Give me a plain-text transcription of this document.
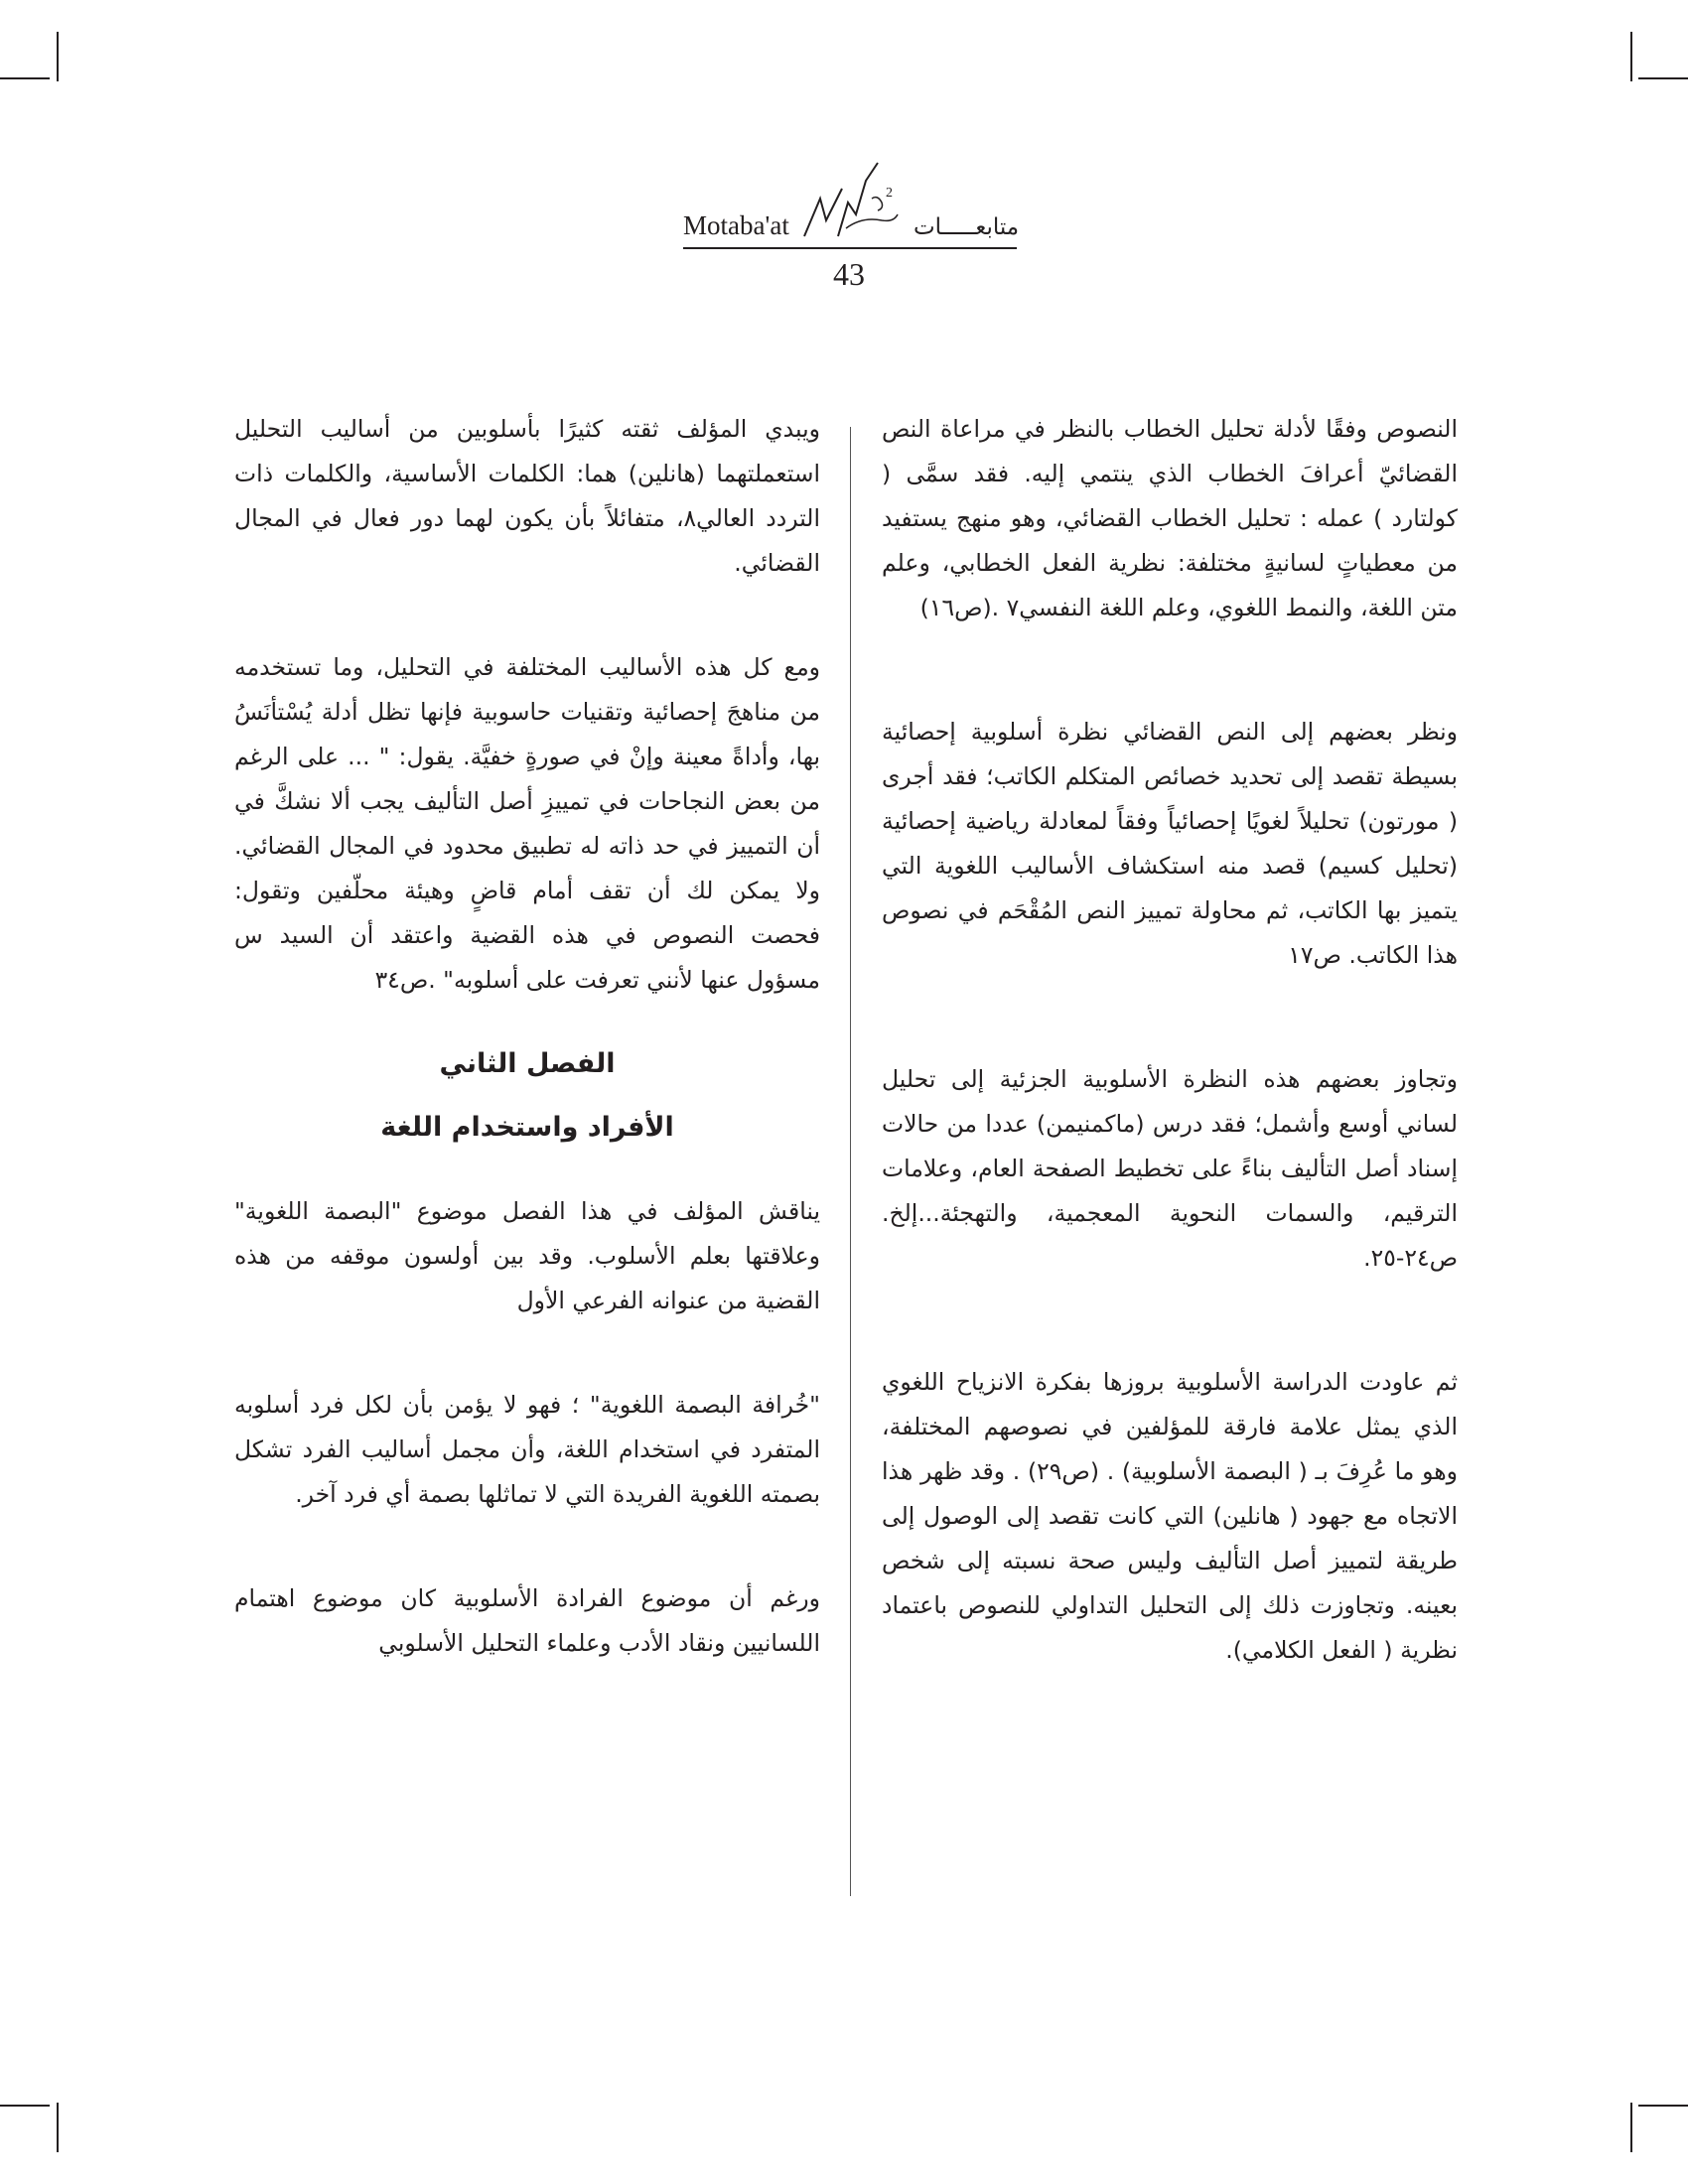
2
Motaba'at	متابعـــــات
43

النصوص وفقًا لأدلة تحليل الخطاب بالنظر في مراعاة النص القضائيّ أعرافَ الخطاب الذي ينتمي إليه. فقد سمَّى ( كولتارد ) عمله : تحليل الخطاب القضائي، وهو منهج يستفيد من معطياتٍ لسانيةٍ مختلفة: نظرية الفعل الخطابي، وعلم متن اللغة، والنمط اللغوي، وعلم اللغة النفسي٧ .(ص١٦)

ونظر بعضهم إلى النص القضائي نظرة أسلوبية إحصائية بسيطة تقصد إلى تحديد خصائص المتكلم الكاتب؛ فقد أجرى ( مورتون) تحليلاً لغويًا إحصائياً وفقاً لمعادلة رياضية إحصائية (تحليل كسيم) قصد منه استكشاف الأساليب اللغوية التي يتميز بها الكاتب، ثم محاولة تمييز النص المُقْحَم في نصوص هذا الكاتب. ص١٧

وتجاوز بعضهم هذه النظرة الأسلوبية الجزئية إلى تحليل لساني أوسع وأشمل؛ فقد درس (ماكمنيمن) عددا من حالات إسناد أصل التأليف بناءً على تخطيط الصفحة العام، وعلامات الترقيم، والسمات النحوية المعجمية، والتهجئة...إلخ. ص٢٤-٢٥.

ثم عاودت الدراسة الأسلوبية بروزها بفكرة الانزياح اللغوي الذي يمثل علامة فارقة للمؤلفين في نصوصهم المختلفة، وهو ما عُرِفَ بـ ( البصمة الأسلوبية) . (ص٢٩) . وقد ظهر هذا الاتجاه مع جهود ( هانلين) التي كانت تقصد إلى الوصول إلى طريقة لتمييز أصل التأليف وليس صحة نسبته إلى شخص بعينه. وتجاوزت ذلك إلى التحليل التداولي للنصوص باعتماد نظرية ( الفعل الكلامي).

ويبدي المؤلف ثقته كثيرًا بأسلوبين من أساليب التحليل استعملتهما (هانلين) هما: الكلمات الأساسية، والكلمات ذات التردد العالي٨، متفائلاً بأن يكون لهما دور فعال في المجال القضائي.

ومع كل هذه الأساليب المختلفة في التحليل، وما تستخدمه من مناهجَ إحصائية وتقنيات حاسوبية فإنها تظل أدلة يُسْتأنَسُ بها، وأداةً معينة وإنْ في صورةٍ خفيَّة. يقول: " ... على الرغم من بعض النجاحات في تمييزِ أصل التأليف يجب ألا نشكَّ في أن التمييز في حد ذاته له تطبيق محدود في المجال القضائي. ولا يمكن لك أن تقف أمام قاضٍ وهيئة محلّفين وتقول: فحصت النصوص في هذه القضية واعتقد أن السيد س مسؤول عنها لأنني تعرفت على أسلوبه" .ص٣٤

الفصل الثاني

الأفراد واستخدام اللغة

يناقش المؤلف في هذا الفصل موضوع "البصمة اللغوية" وعلاقتها بعلم الأسلوب. وقد بين أولسون موقفه من هذه القضية من عنوانه الفرعي الأول

"خُرافة البصمة اللغوية" ؛ فهو لا يؤمن بأن لكل فرد أسلوبه المتفرد في استخدام اللغة، وأن مجمل أساليب الفرد تشكل بصمته اللغوية الفريدة التي لا تماثلها بصمة أي فرد آخر.

ورغم أن موضوع الفرادة الأسلوبية كان موضوع اهتمام اللسانيين ونقاد الأدب وعلماء التحليل الأسلوبي
